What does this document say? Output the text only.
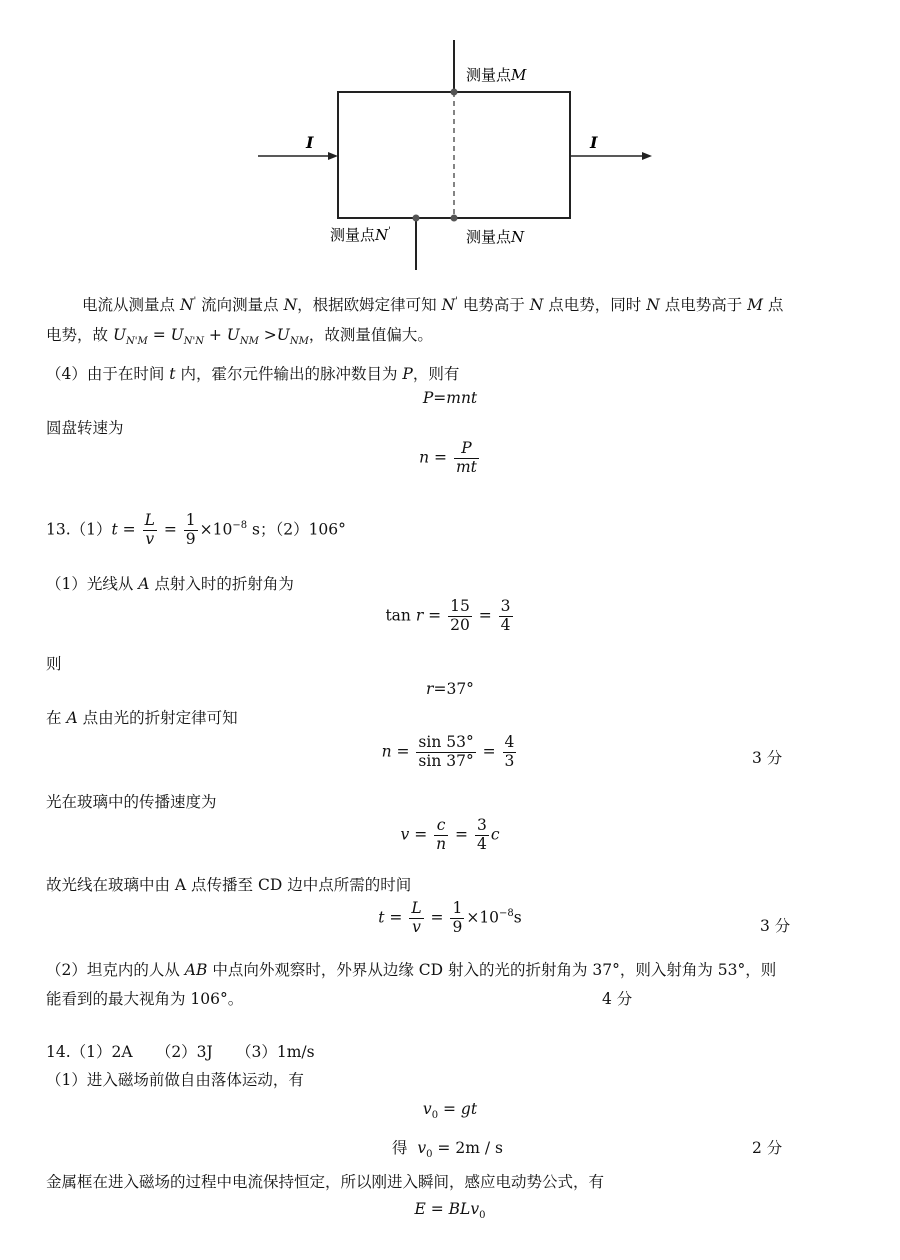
I	I
测量点M
测量点N
测量点N'
电流从测量点 N' 流向测量点 N，根据欧姆定律可知 N' 电势高于 N 点电势，同时 N 点电势高于 M 点
电势，故 $U_{N'M} = U_{N'N} + U_{NM} >U_{NM}$，故测量值偏大。
（4）由于在时间 t 内，霍尔元件输出的脉冲数目为 P，则有
P=mnt
圆盘转速为
$n = \frac{P}{mt}$
$13.(1)t = \frac{L}{v} = \frac{1}{9} \times 10^{-8}$ s；（2）106°
（1）光线从 A 点射入时的折射角为
$\tan r = \frac{15}{20} = \frac{3}{4}$
则
r=37°
在 A 点由光的折射定律可知
$n = \frac{\sin 53^\circ}{\sin 37^\circ} = \frac{4}{3}$	3 分
光在玻璃中的传播速度为
$v = \frac{c}{n} = \frac{3}{4}$ c
故光线在玻璃中由 A 点传播至 CD 边中点所需的时间
$t = \frac{L}{v} = \frac{1}{9} \times 10^{-8}s$	3 分
（2）坦克内的人从 AB 中点向外观察时，外界从边缘 CD 射入的光的折射角为 37°，则入射角为 53°，则
能看到的最大视角为 106°。	4 分
14.（1）2A　　（2）3J　　（3）1m/s
（1）进入磁场前做自由落体运动，有
$v_0$ = gt
得  $v_0 = 2m / s$	2 分
金属框在进入磁场的过程中电流保持恒定，所以刚进入瞬间，感应电动势公式，有
E = BLv$_0$
